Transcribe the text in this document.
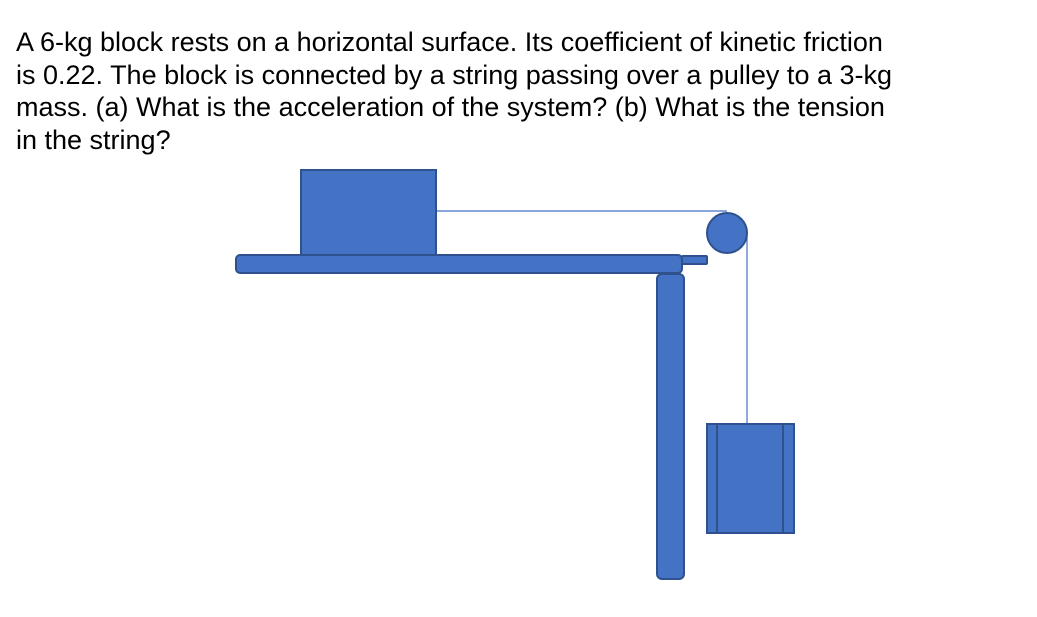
A 6-kg block rests on a horizontal surface. Its coefficient of kinetic friction
is 0.22. The block is connected by a string passing over a pulley to a 3-kg
mass. (a) What is the acceleration of the system? (b) What is the tension
in the string?
